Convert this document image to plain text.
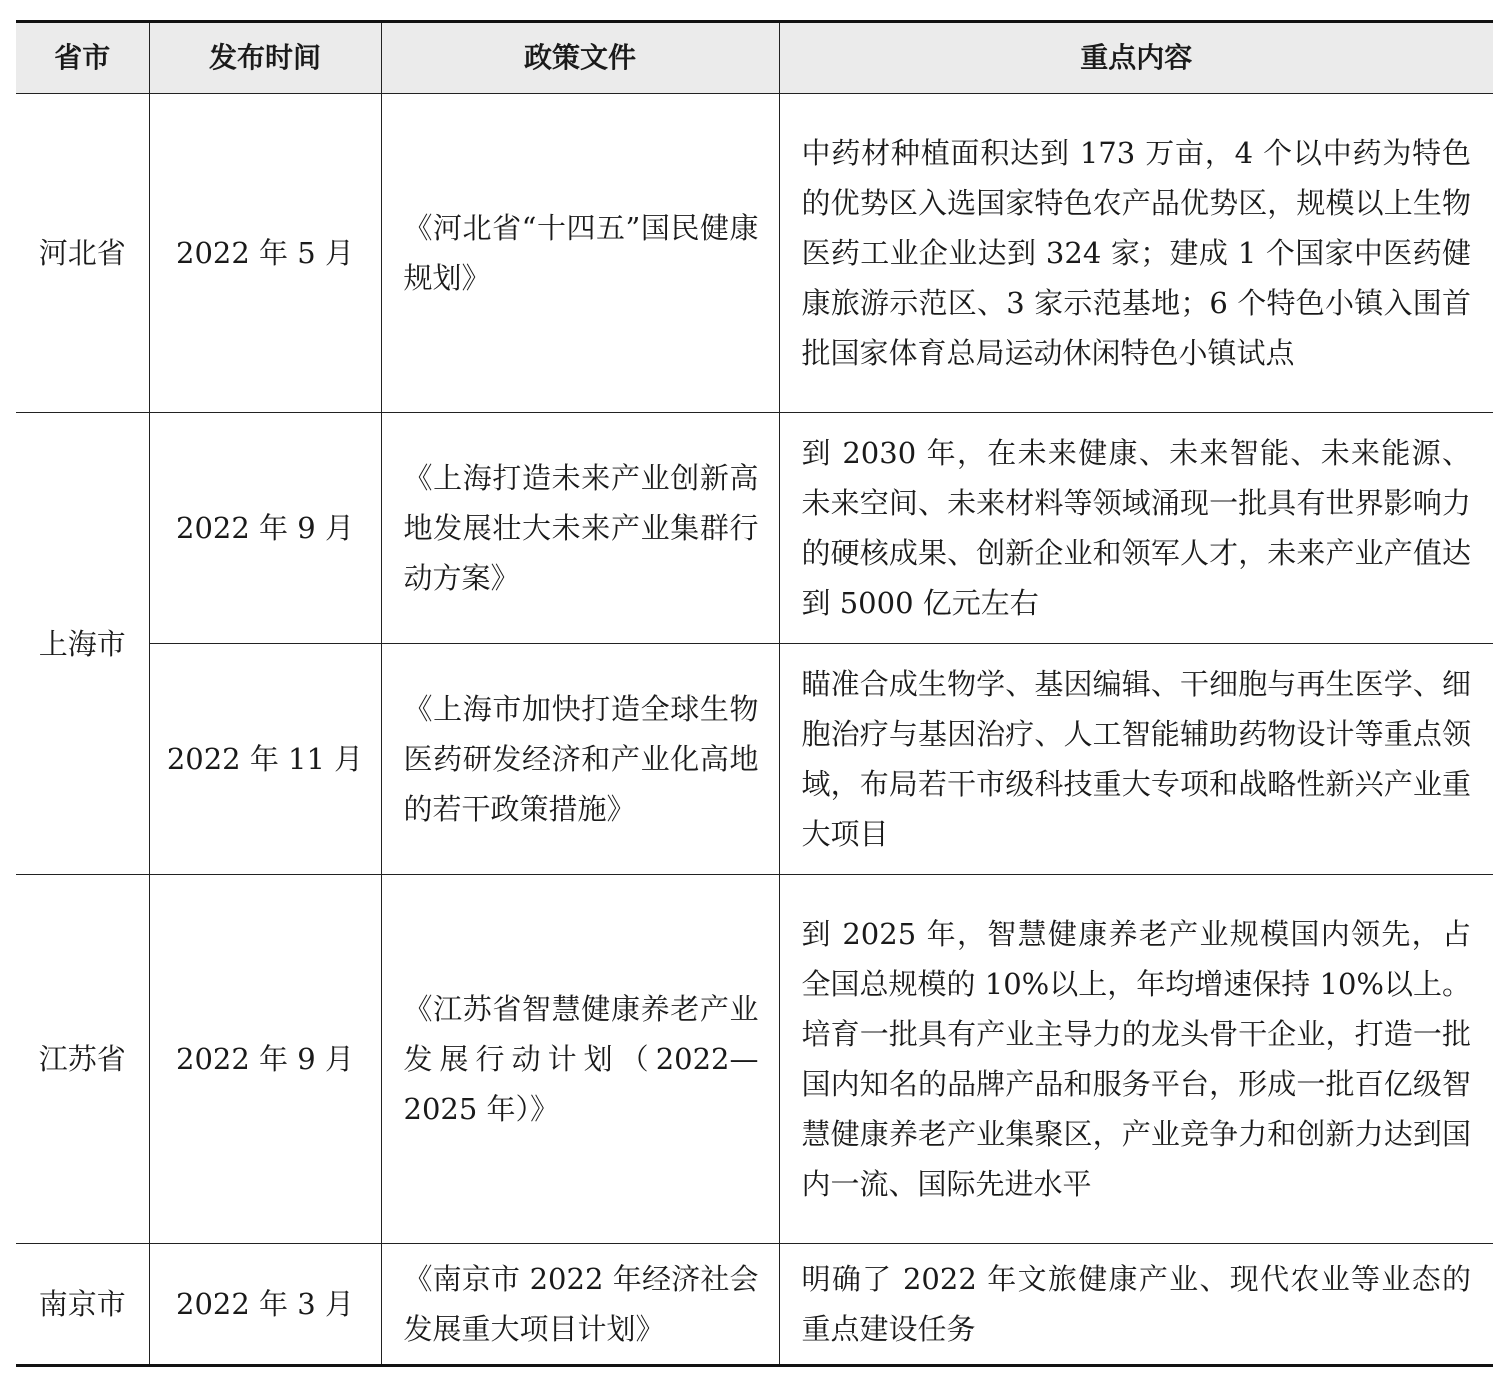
省市	发布时间	政策文件	重点内容
河北省	2022 年 5 月	《河北省“十四五”国民健康规划》	中药材种植面积达到 173 万亩，4 个以中药为特色的优势区入选国家特色农产品优势区，规模以上生物医药工业企业达到 324 家；建成 1 个国家中医药健康旅游示范区、3 家示范基地；6 个特色小镇入围首批国家体育总局运动休闲特色小镇试点
上海市	2022 年 9 月	《上海打造未来产业创新高地发展壮大未来产业集群行动方案》	到 2030 年，在未来健康、未来智能、未来能源、未来空间、未来材料等领域涌现一批具有世界影响力的硬核成果、创新企业和领军人才，未来产业产值达到 5000 亿元左右
	2022 年 11 月	《上海市加快打造全球生物医药研发经济和产业化高地的若干政策措施》	瞄准合成生物学、基因编辑、干细胞与再生医学、细胞治疗与基因治疗、人工智能辅助药物设计等重点领域，布局若干市级科技重大专项和战略性新兴产业重大项目
江苏省	2022 年 9 月	《江苏省智慧健康养老产业发展行动计划（2022—2025 年）》	到 2025 年，智慧健康养老产业规模国内领先，占全国总规模的 10%以上，年均增速保持 10%以上。培育一批具有产业主导力的龙头骨干企业，打造一批国内知名的品牌产品和服务平台，形成一批百亿级智慧健康养老产业集聚区，产业竞争力和创新力达到国内一流、国际先进水平
南京市	2022 年 3 月	《南京市 2022 年经济社会发展重大项目计划》	明确了 2022 年文旅健康产业、现代农业等业态的重点建设任务
